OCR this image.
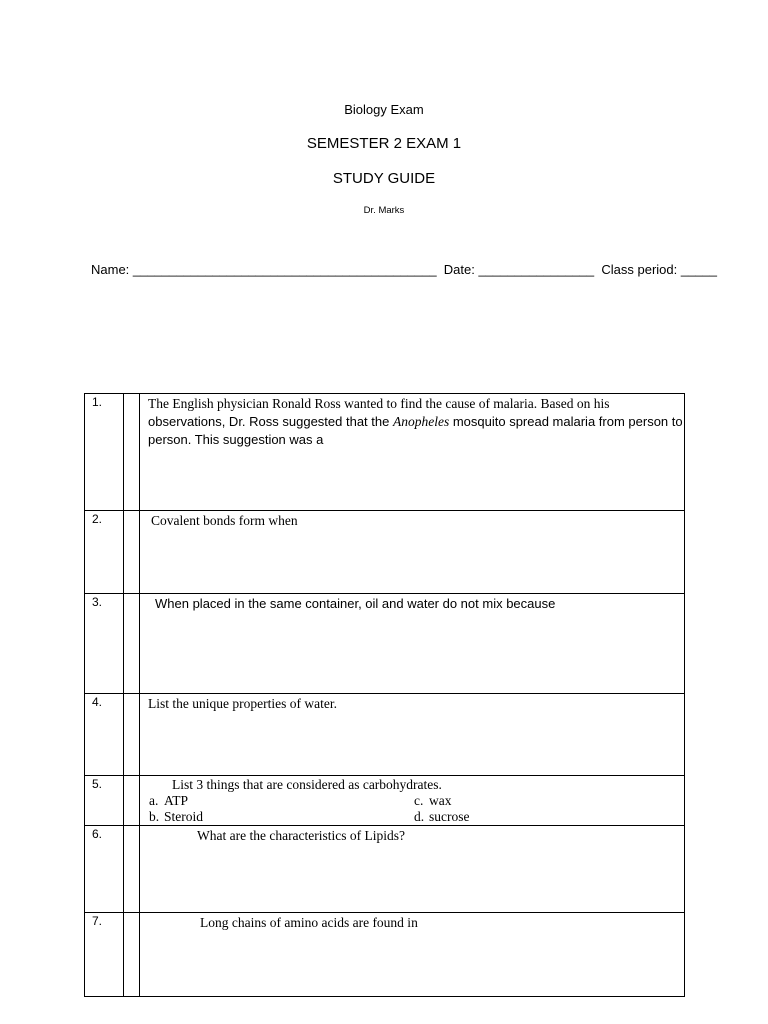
Biology Exam
SEMESTER 2 EXAM 1
STUDY GUIDE
Dr. Marks
Name: __________________________________________  Date: ________________  Class period: _____
1.		The English physician Ronald Ross wanted to find the cause of malaria. Based on his
observations, Dr. Ross suggested that the Anopheles mosquito spread malaria from person to
person. This suggestion was a

2.		Covalent bonds form when

3.		When placed in the same container, oil and water do not mix because

4.		List the unique properties of water.

5.		List 3 things that are considered as carbohydrates.
a. ATP c. wax
b. Steroid d. sucrose

6.		What are the characteristics of Lipids?

7.		Long chains of amino acids are found in
